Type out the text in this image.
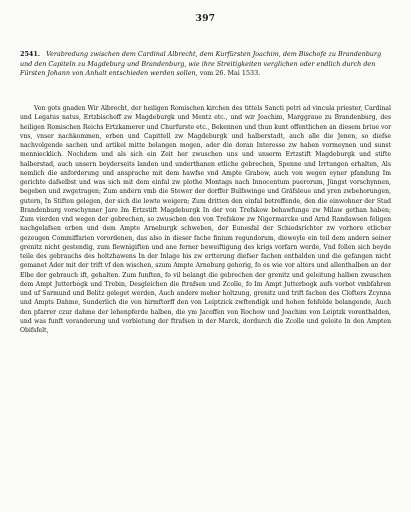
397
2541. Verabredung zwischen dem Cardinal Albrecht, dem Kurfürsten Joachim, dem Bischofe zu Brandenburg und den Capiteln zu Magdeburg und Brandenburg, wie ihre Streitigkeiten verglichen oder endlich durch den Fürsten Johann von Anhalt entschieden werden sollen, vom 26. Mai 1533.

Von gots gnaden Wir Albrecht, der heiligen Romischen kirchen des tittels Sancti petri ad vincula priester, Cardinal und Legatus natus, Ertzbischoff zw Magdeburgk und Mentz etc., und wir Joachim, Marggraue zu Brandenburg, des heiligen Romischen Reichs Ertzkamerer und Churfurste etc., Bekennen und thun kunt offentlichen an diesem briue vor vns, vnser nachkommen, erben und Capittell zw Magdeburgk und halberstadt, auch alle die Jenen, so diefse nachvolgende sachen und artikel mitte belangen mogen, ader die doran Interesse zw haben vormeynen und sunst menniecklich. Nochdem und als sich ein Zeit her zwuschen uns und unserm Ertzstift Magdeburgk und stifte halberstad, auch unsern beyderseits landen und underthanen etliche gebrechen, Spenne und Irrtungen erhalten, Als nemlich die anforderung und ansprache mit dem hawfse vnd Ampte Grabow, auch von wegen eyner pfandung Im gerichte dafselbst und was sich mit dem einfal zw plothe Montags nach Innocentum puerorum, Jüngst vorschynnen, begeben und zwgetragen; Zum andern vmb die Stewer der dorffer Bulfswinge und Gräfsleue und yren zwbehorungen, gutern, In Stiften gelegen, der sich die lewte weigern; Zum dritten den einfal betreffende, den die einwohner der Stad Brandenburg vorschynner Jare Im Ertzstift Magdeburgk In der von Trefskow behawfunge zw Milaw gethan haben; Zum vierden vnd wegen der gebrechen, so zwuschen den von Trefskow zw Nigermarcke und Arnd Randawsen feligen nachgelafsen erben und dem Ampte Arneburgk schweben, der Eunesfal der Schiedsrichter zw vorhore etlicher gezeugen Commiffarien vorordenen, das also in dieser fache finium regundorum, dieweyle ein teil dem andern seiner grenitz nicht gestendig, zum flewnigiften und ane ferner beweiftigung des krigs vorfarn werde, Vnd follen sich beyde teile des gebrauchs des holtzhawens In der Inlage bis zw ertterung diefser fachen enthalden und die gefangen nicht gemanet Ader mit der trift vf den wischen, szum Ampte Arneburg gehorig, fo es wie vor alters und allenthalben an der Elbe der gebrauch ift, gehalten. Zum funften, fo vil belangt die gebrechen der grenitz und geleitung halben zwuschen dem Ampt Jutterbogk und Trebin, Desgleichen die ftrafsen und Zcolle, fo Im Ampt Jutterbogk aufs vorbot vmbfahren und uf Sarmund und Belitz geleget werden, Auch andere meher holtzung, grenitz und trift fachen des Clofters Zcynna und Ampts Dahme, Sunderlich die von hirmftorff den von Leiptzick zwftendigk und hohen fehfelde belangende, Auch den pfarrer czur dahme der lehenpferde halben, die ym Jacoffen von Rochow und Joachim von Leiptzk vorenthalden, und was funft voranderung und vorbietung der ftrafsen in der Marck, dordurch die Zcolle und geleite In den Ampten Obifsfelt,
